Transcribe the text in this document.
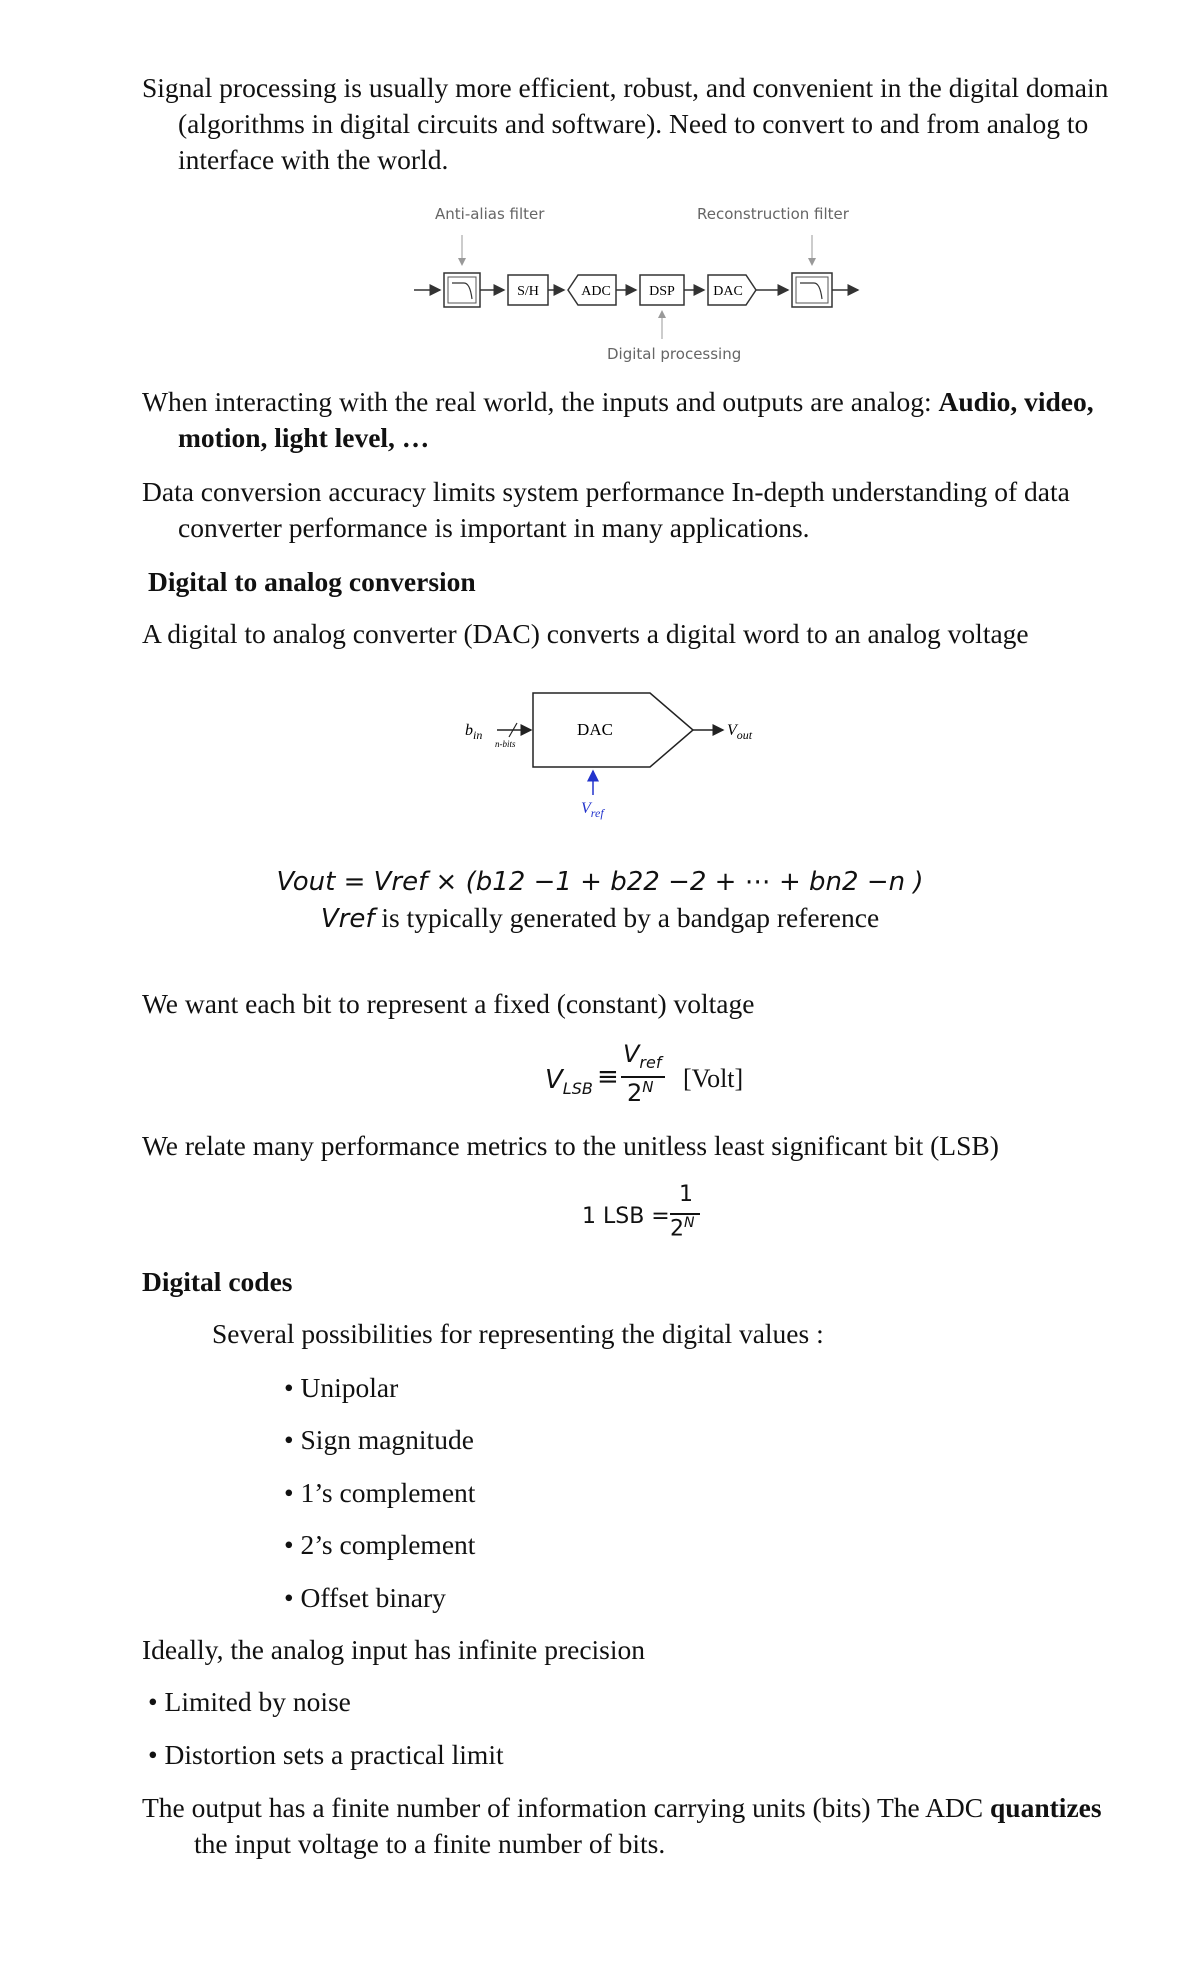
Signal processing is usually more efficient, robust, and convenient in the digital domain (algorithms in digital circuits and software). Need to convert to and from analog to interface with the world.

Anti-alias filter	Reconstruction filter
S/H	ADC	DSP	DAC
Digital processing

When interacting with the real world, the inputs and outputs are analog: Audio, video, motion, light level, …

Data conversion accuracy limits system performance In-depth understanding of data converter performance is important in many applications.

Digital to analog conversion

A digital to analog converter (DAC) converts a digital word to an analog voltage

$b_{in}$
n-bits
DAC	$V_{out}$
$V_{ref}$
Vout = Vref × (b12 −1 + b22 −2 + ⋯ + bn2 −n )
Vref is typically generated by a bandgap reference

We want each bit to represent a fixed (constant) voltage

$V_{LSB}$ ≡
$V_{ref}$
$2^N$ [Volt]

We relate many performance metrics to the unitless least significant bit (LSB)

1 LSB =
1
$2^N$

Digital codes

Several possibilities for representing the digital values :

• Unipolar
• Sign magnitude
• 1’s complement
• 2’s complement
• Offset binary

Ideally, the analog input has infinite precision

• Limited by noise
• Distortion sets a practical limit

The output has a finite number of information carrying units (bits) The ADC quantizes the input voltage to a finite number of bits.
